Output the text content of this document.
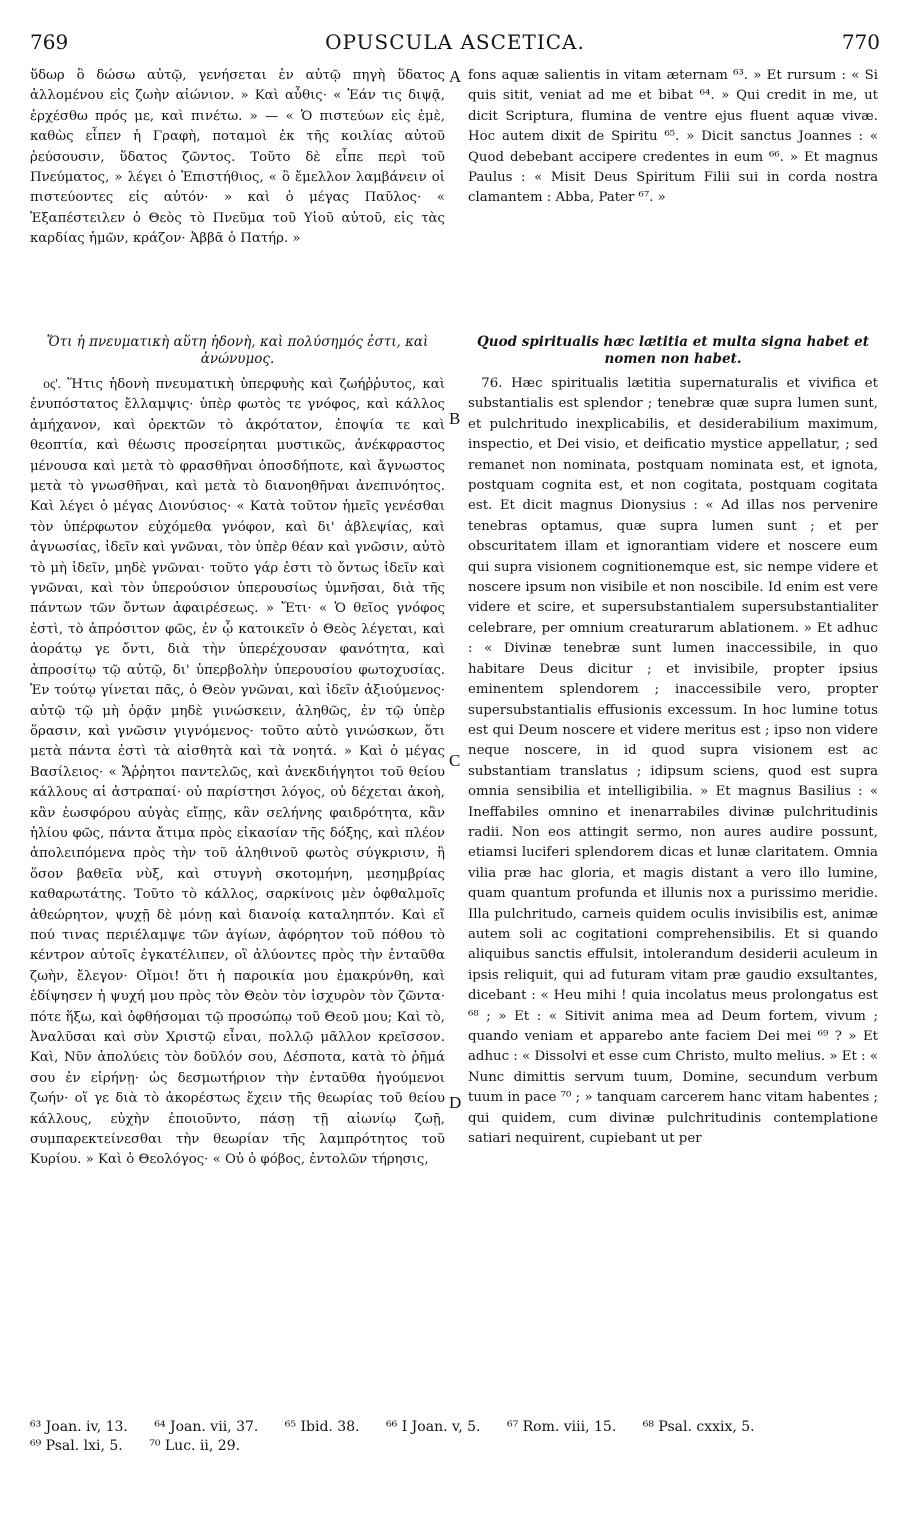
769	OPUSCULA ASCETICA.	770

ὕδωρ ὃ δώσω αὐτῷ, γενήσεται ἐν αὐτῷ πηγὴ ὕδατος ἁλλομένου εἰς ζωὴν αἰώνιον. » Καὶ αὖθις· « Ἐάν τις διψᾷ, ἐρχέσθω πρός με, καὶ πινέτω. » — « Ὁ πιστεύων εἰς ἐμὲ, καθὼς εἶπεν ἡ Γραφὴ, ποταμοὶ ἐκ τῆς κοιλίας αὐτοῦ ῥεύσουσιν, ὕδατος ζῶντος. Τοῦτο δὲ εἶπε περὶ τοῦ Πνεύματος, » λέγει ὁ Ἐπιστήθιος, « ὃ ἔμελλον λαμβάνειν οἱ πιστεύοντες εἰς αὐτόν· » καὶ ὁ μέγας Παῦλος· « Ἐξαπέστειλεν ὁ Θεὸς τὸ Πνεῦμα τοῦ Υἱοῦ αὐτοῦ, εἰς τὰς καρδίας ἡμῶν, κράζον· Ἀββᾶ ὁ Πατήρ. »

fons aquæ salientis in vitam æternam ⁶³. » Et rursum : « Si quis sitit, veniat ad me et bibat ⁶⁴. » Qui credit in me, ut dicit Scriptura, flumina de ventre ejus fluent aquæ vivæ. Hoc autem dixit de Spiritu ⁶⁵. » Dicit sanctus Joannes : « Quod debebant accipere credentes in eum ⁶⁶. » Et magnus Paulus : « Misit Deus Spiritum Filii sui in corda nostra clamantem : Abba, Pater ⁶⁷. »

Ὅτι ἡ πνευματικὴ αὕτη ἡδονὴ, καὶ πολύσημός ἐστι, καὶ ἀνώνυμος.
Quod spiritualis hæc lætitia et multa signa habet et nomen non habet.

 ος'. Ἥτις ἡδονὴ πνευματικὴ ὑπερφυὴς καὶ ζωήῤῥυτος, καὶ ἐνυπόστατος ἔλλαμψις· ὑπὲρ φωτὸς τε γνόφος, καὶ κάλλος ἀμήχανον, καὶ ὀρεκτῶν τὸ ἀκρότατον, ἐποψία τε καὶ θεοπτία, καὶ θέωσις προσείρηται μυστικῶς, ἀνέκφραστος μένουσα καὶ μετὰ τὸ φρασθῆναι ὁποσδήποτε, καὶ ἄγνωστος μετὰ τὸ γνωσθῆναι, καὶ μετὰ τὸ διανοηθῆναι ἀνεπινόητος. Καὶ λέγει ὁ μέγας Διονύσιος· « Κατὰ τοῦτον ἡμεῖς γενέσθαι τὸν ὑπέρφωτον εὐχόμεθα γνόφον, καὶ δι' ἀβλεψίας, καὶ ἀγνωσίας, ἰδεῖν καὶ γνῶναι, τὸν ὑπὲρ θέαν καὶ γνῶσιν, αὐτὸ τὸ μὴ ἰδεῖν, μηδὲ γνῶναι· τοῦτο γάρ ἐστι τὸ ὄντως ἰδεῖν καὶ γνῶναι, καὶ τὸν ὑπερούσιον ὑπερουσίως ὑμνῆσαι, διὰ τῆς πάντων τῶν ὄντων ἀφαιρέσεως. » Ἔτι· « Ὁ θεῖος γνόφος ἐστὶ, τὸ ἀπρόσιτον φῶς, ἐν ᾧ κατοικεῖν ὁ Θεὸς λέγεται, καὶ ἀοράτῳ γε ὄντι, διὰ τὴν ὑπερέχουσαν φανότητα, καὶ ἀπροσίτῳ τῷ αὐτῷ, δι' ὑπερβολὴν ὑπερουσίου φωτοχυσίας. Ἐν τούτῳ γίνεται πᾶς, ὁ Θεὸν γνῶναι, καὶ ἰδεῖν ἀξιούμενος· αὐτῷ τῷ μὴ ὁρᾷν μηδὲ γινώσκειν, ἀληθῶς, ἐν τῷ ὑπὲρ ὅρασιν, καὶ γνῶσιν γιγνόμενος· τοῦτο αὐτὸ γινώσκων, ὅτι μετὰ πάντα ἐστὶ τὰ αἰσθητὰ καὶ τὰ νοητά. » Καὶ ὁ μέγας Βασίλειος· « Ἄῤῥητοι παντελῶς, καὶ ἀνεκδιήγητοι τοῦ θείου κάλλους αἱ ἀστραπαί· οὐ παρίστησι λόγος, οὐ δέχεται ἀκοὴ, κἂν ἑωσφόρου αὐγὰς εἴπῃς, κἂν σελήνης φαιδρότητα, κἂν ἡλίου φῶς, πάντα ἄτιμα πρὸς εἰκασίαν τῆς δόξης, καὶ πλέον ἀπολειπόμενα πρὸς τὴν τοῦ ἀληθινοῦ φωτὸς σύγκρισιν, ἢ ὅσον βαθεῖα νὺξ, καὶ στυγνὴ σκοτομήνη, μεσημβρίας καθαρωτάτης. Τοῦτο τὸ κάλλος, σαρκίνοις μὲν ὀφθαλμοῖς ἀθεώρητον, ψυχῇ δὲ μόνῃ καὶ διανοίᾳ καταληπτόν. Καὶ εἴ πού τινας περιέλαμψε τῶν ἁγίων, ἀφόρητον τοῦ πόθου τὸ κέντρον αὐτοῖς ἐγκατέλιπεν, οἳ ἀλύοντες πρὸς τὴν ἐνταῦθα ζωὴν, ἔλεγον· Οἴμοι! ὅτι ἡ παροικία μου ἐμακρύνθη, καὶ ἐδίψησεν ἡ ψυχή μου πρὸς τὸν Θεὸν τὸν ἰσχυρὸν τὸν ζῶντα· πότε ἥξω, καὶ ὀφθήσομαι τῷ προσώπῳ τοῦ Θεοῦ μου; Καὶ τὸ, Ἀναλῦσαι καὶ σὺν Χριστῷ εἶναι, πολλῷ μᾶλλον κρεῖσσον. Καὶ, Νῦν ἀπολύεις τὸν δοῦλόν σου, Δέσποτα, κατὰ τὸ ῥῆμά σου ἐν εἰρήνῃ· ὡς δεσμωτήριον τὴν ἐνταῦθα ἡγούμενοι ζωήν· οἵ γε διὰ τὸ ἀκορέστως ἔχειν τῆς θεωρίας τοῦ θείου κάλλους, εὐχὴν ἐποιοῦντο, πάσῃ τῇ αἰωνίῳ ζωῇ, συμπαρεκτείνεσθαι τὴν θεωρίαν τῆς λαμπρότητος τοῦ Κυρίου. » Καὶ ὁ Θεολόγος· « Οὐ ὁ φόβος, ἐντολῶν τήρησις,

 76. Hæc spiritualis lætitia supernaturalis et vivifica et substantialis est splendor ; tenebræ quæ supra lumen sunt, et pulchritudo inexplicabilis, et desiderabilium maximum, inspectio, et Dei visio, et deificatio mystice appellatur, ; sed remanet non nominata, postquam nominata est, et ignota, postquam cognita est, et non cogitata, postquam cogitata est. Et dicit magnus Dionysius : « Ad illas nos pervenire tenebras optamus, quæ supra lumen sunt ; et per obscuritatem illam et ignorantiam videre et noscere eum qui supra visionem cognitionemque est, sic nempe videre et noscere ipsum non visibile et non noscibile. Id enim est vere videre et scire, et supersubstantialem supersubstantialiter celebrare, per omnium creaturarum ablationem. » Et adhuc : « Divinæ tenebræ sunt lumen inaccessibile, in quo habitare Deus dicitur ; et invisibile, propter ipsius eminentem splendorem ; inaccessibile vero, propter supersubstantialis effusionis excessum. In hoc lumine totus est qui Deum noscere et videre meritus est ; ipso non videre neque noscere, in id quod supra visionem est ac substantiam translatus ; idipsum sciens, quod est supra omnia sensibilia et intelligibilia. » Et magnus Basilius : « Ineffabiles omnino et inenarrabiles divinæ pulchritudinis radii. Non eos attingit sermo, non aures audire possunt, etiamsi luciferi splendorem dicas et lunæ claritatem. Omnia vilia præ hac gloria, et magis distant a vero illo lumine, quam quantum profunda et illunis nox a purissimo meridie. Illa pulchritudo, carneis quidem oculis invisibilis est, animæ autem soli ac cogitationi comprehensibilis. Et si quando aliquibus sanctis effulsit, intolerandum desiderii aculeum in ipsis reliquit, qui ad futuram vitam præ gaudio exsultantes, dicebant : « Heu mihi ! quia incolatus meus prolongatus est ⁶⁸ ; » Et : « Sitivit anima mea ad Deum fortem, vivum ; quando veniam et apparebo ante faciem Dei mei ⁶⁹ ? » Et adhuc : « Dissolvi et esse cum Christo, multo melius. » Et : « Nunc dimittis servum tuum, Domine, secundum verbum tuum in pace ⁷⁰ ; » tanquam carcerem hanc vitam habentes ; qui quidem, cum divinæ pulchritudinis contemplatione satiari nequirent, cupiebant ut per

A
B
C
D
⁶³ Joan. iv, 13. ⁶⁴ Joan. vii, 37. ⁶⁵ Ibid. 38. ⁶⁶ I Joan. v, 5. ⁶⁷ Rom. viii, 15. ⁶⁸ Psal. cxxix, 5.
⁶⁹ Psal. lxi, 5. ⁷⁰ Luc. ii, 29.
